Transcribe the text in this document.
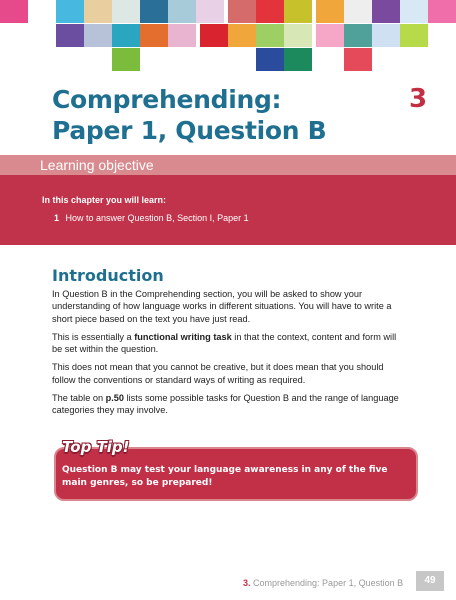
Comprehending:
Paper 1, Question B
3
Learning objective
In this chapter you will learn:
1 How to answer Question B, Section I, Paper 1
Introduction

In Question B in the Comprehending section, you will be asked to show your understanding of how language works in different situations. You will have to write a short piece based on the text you have just read.

This is essentially a functional writing task in that the context, content and form will be set within the question.

This does not mean that you cannot be creative, but it does mean that you should follow the conventions or standard ways of writing as required.

The table on p.50 lists some possible tasks for Question B and the range of language categories they may involve.

Top Tip!
Question B may test your language awareness in any of the five main genres, so be prepared!
3. Comprehending: Paper 1, Question B	49
